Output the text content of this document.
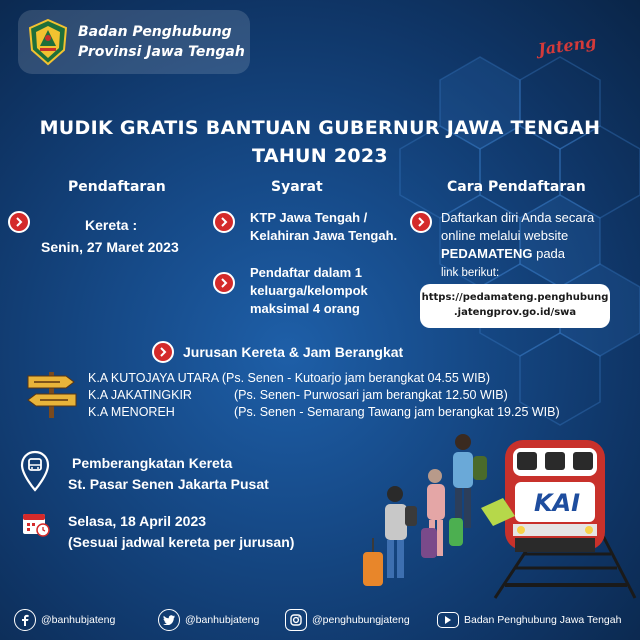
Badan Penghubung
Provinsi Jawa Tengah	Jateng
MUDIK GRATIS BANTUAN GUBERNUR JAWA TENGAH
TAHUN 2023
Pendaftaran	Syarat	Cara Pendaftaran
Kereta :
Senin, 27 Maret 2023
KTP Jawa Tengah /
Kelahiran Jawa Tengah.
Pendaftar dalam 1
keluarga/kelompok
maksimal 4 orang
Daftarkan diri Anda secara
online melalui website
PEDAMATENG pada
link berikut:
https://pedamateng.penghubung
.jatengprov.go.id/swa
Jurusan Kereta & Jam Berangkat
K.A KUTOJAYA UTARA (Ps. Senen - Kutoarjo jam berangkat 04.55 WIB)
K.A JAKATINGKIR	(Ps. Senen- Purwosari jam berangkat 12.50 WIB)
K.A MENOREH	(Ps. Senen - Semarang Tawang jam berangkat 19.25 WIB)
Pemberangkatan Kereta
St. Pasar Senen Jakarta Pusat
Selasa, 18 April 2023
(Sesuai jadwal kereta per jurusan)
KAI
@banhubjateng	@banhubjateng	@penghubungjateng	Badan Penghubung Jawa Tengah
